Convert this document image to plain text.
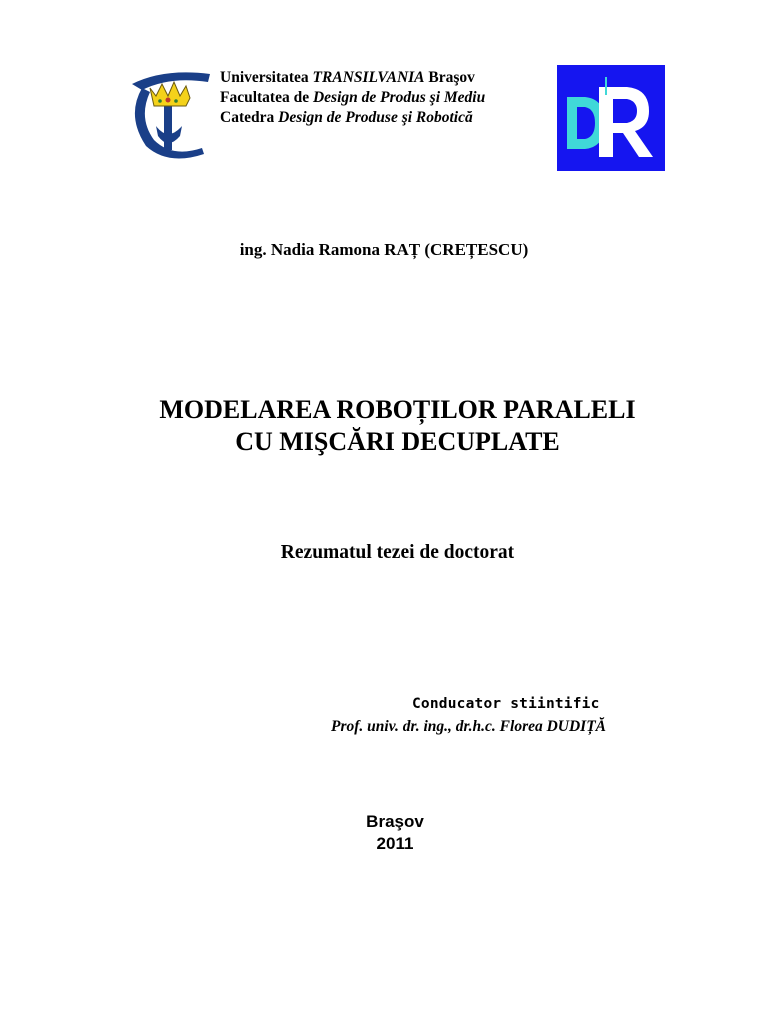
Universitatea TRANSILVANIA Braşov
Facultatea de Design de Produs şi Mediu
Catedra Design de Produse şi Robotică
ing. Nadia Ramona RAȚ (CREȚESCU)
MODELAREA ROBOȚILOR PARALELI
CU MIŞCĂRI DECUPLATE
Rezumatul tezei de doctorat
Conducator stiintific
Prof. univ. dr. ing., dr.h.c. Florea DUDIȚĂ
Braşov
2011
